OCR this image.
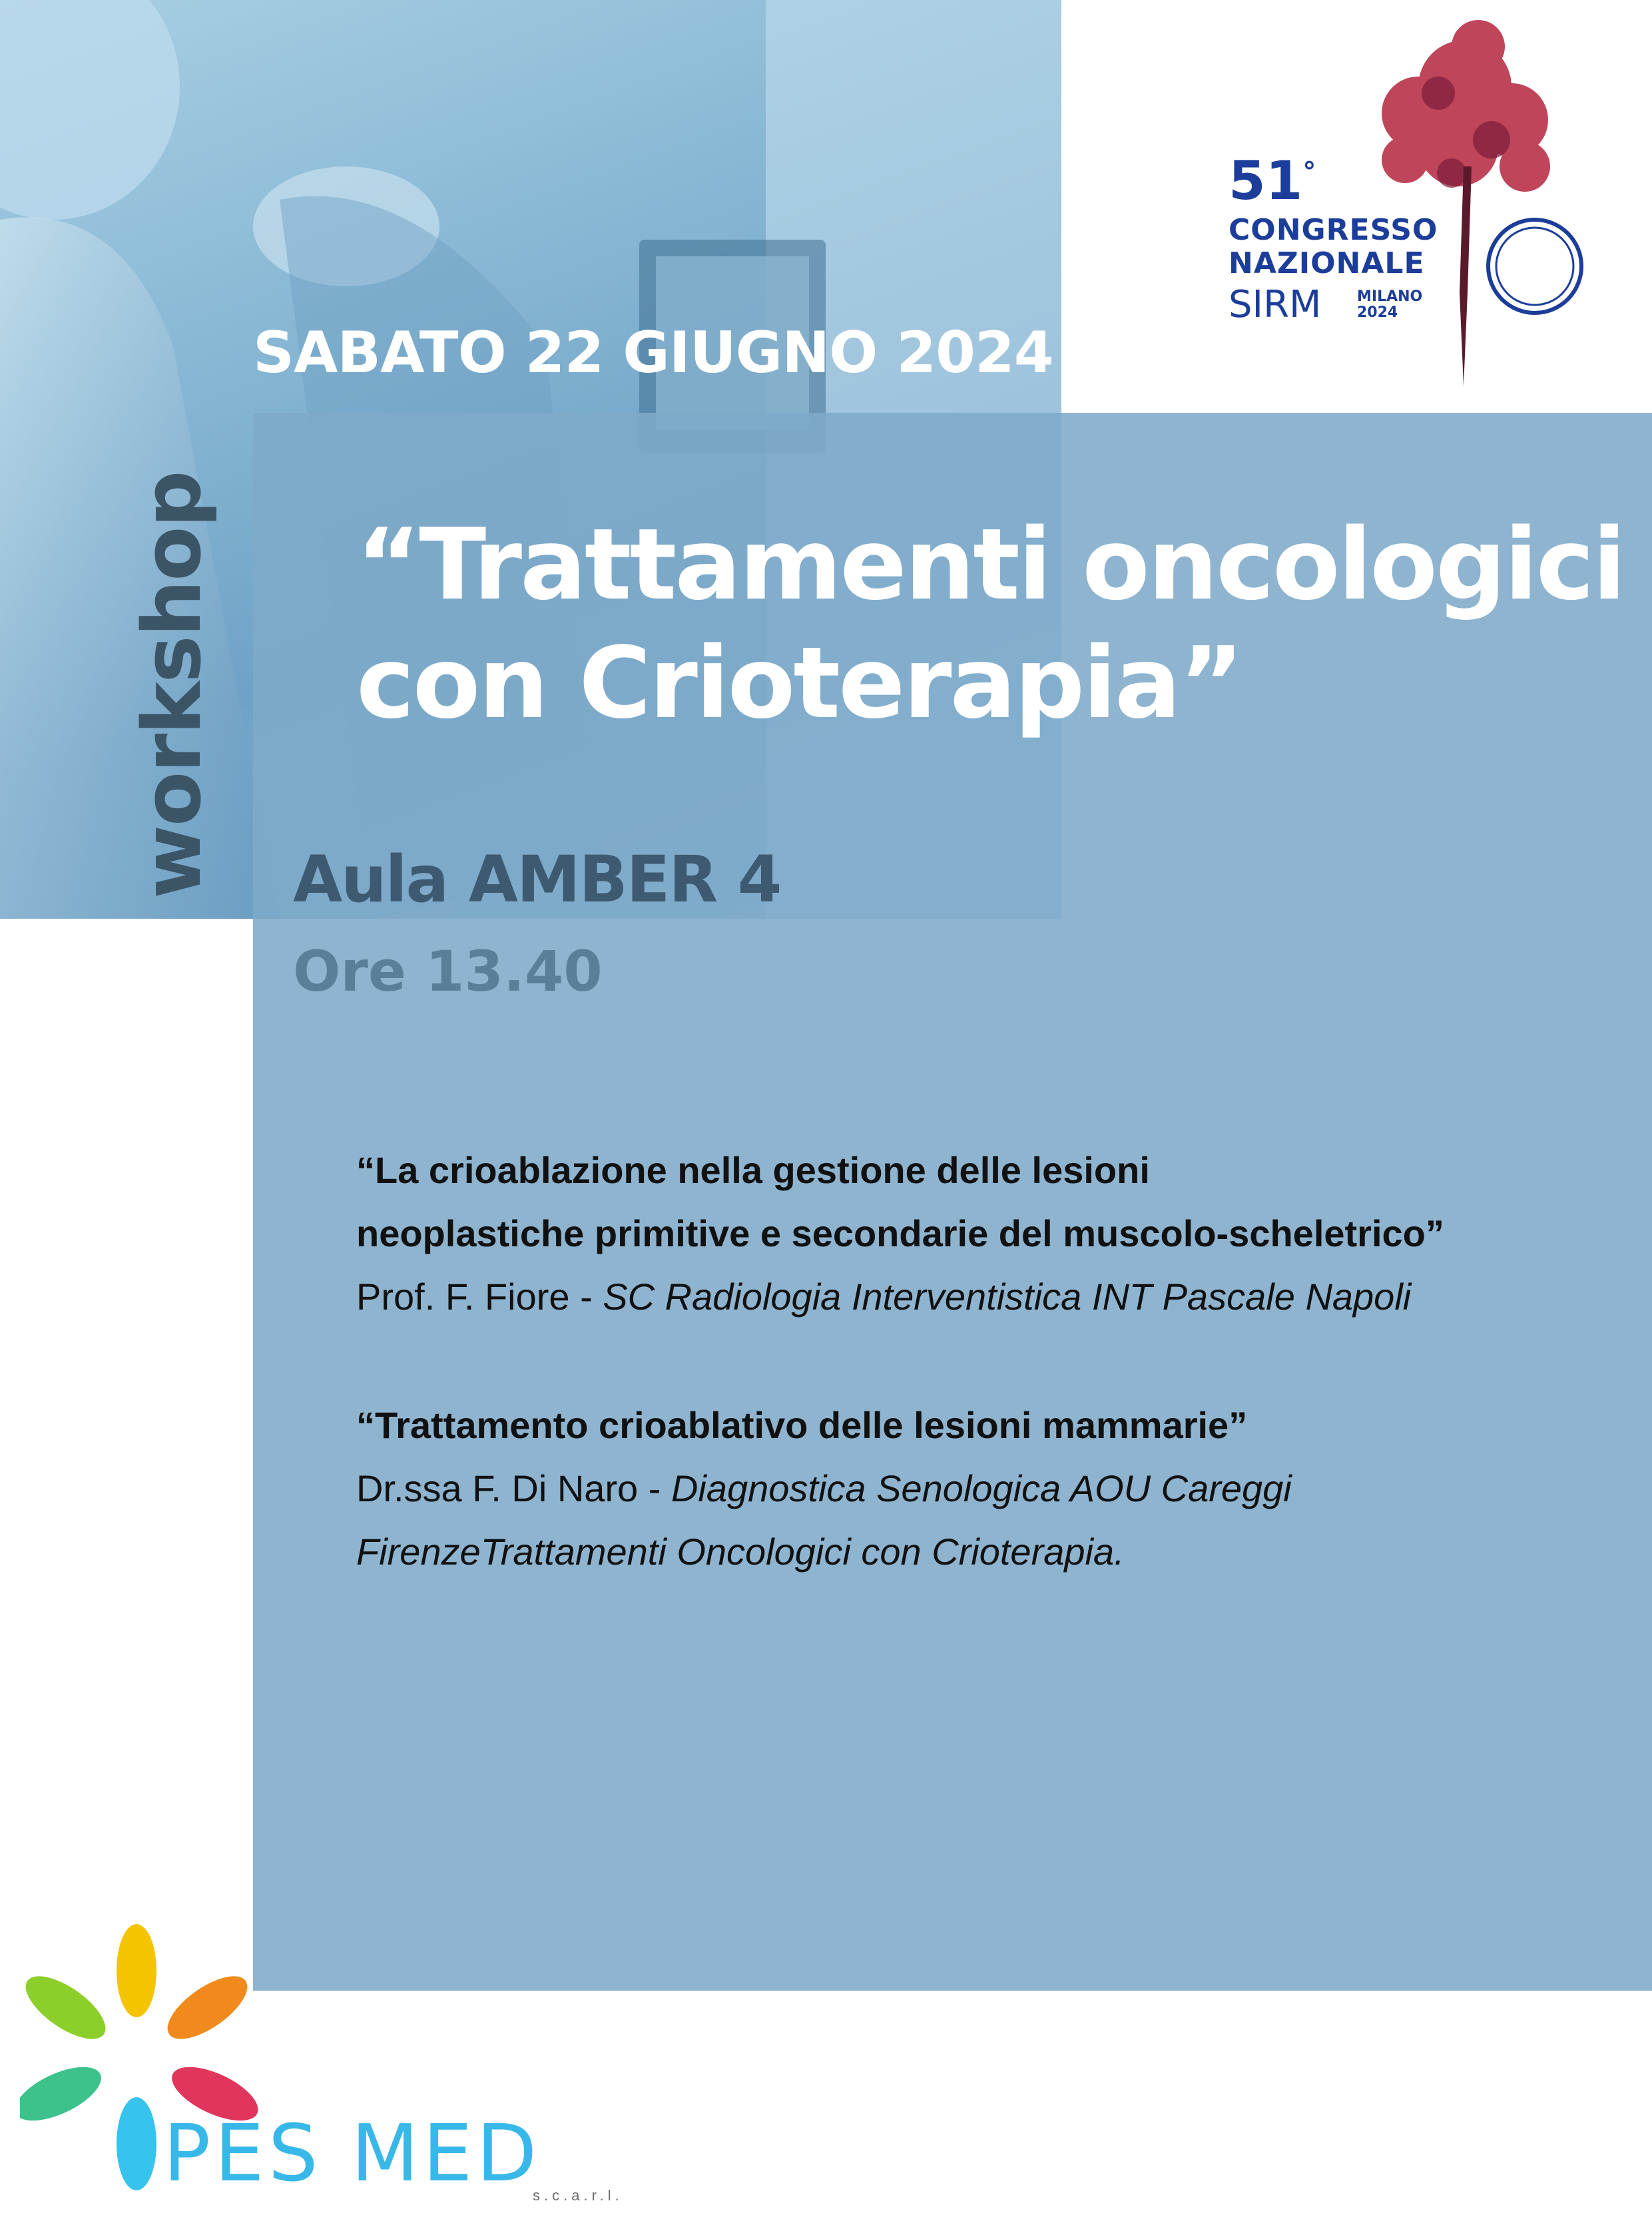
SABATO 22 GIUGNO 2024
workshop “Trattamenti oncologici
con Crioterapia”
Aula AMBER 4
Ore 13.40
“La crioablazione nella gestione delle lesioni
neoplastiche primitive e secondarie del muscolo-scheletrico”
Prof. F. Fiore - SC Radiologia Interventistica INT Pascale Napoli
“Trattamento crioablativo delle lesioni mammarie”
Dr.ssa F. Di Naro - Diagnostica Senologica AOU Careggi
FirenzeTrattamenti Oncologici con Crioterapia.
51°
CONGRESSO
NAZIONALE
SIRM MILANO
2024
PES MED
s.c.a.r.l.
